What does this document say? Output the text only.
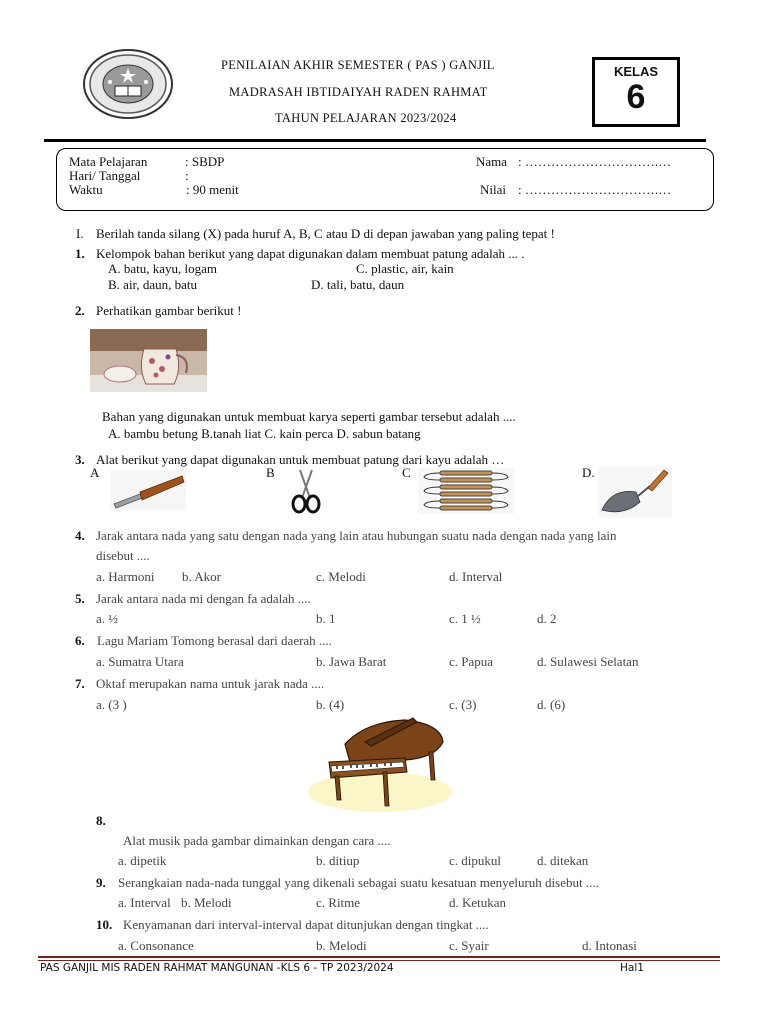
PENILAIAN AKHIR SEMESTER ( PAS ) GANJIL
MADRASAH IBTIDAIYAH RADEN RAHMAT
TAHUN PELAJARAN 2023/2024
KELAS
6
Mata Pelajaran	: SBDP
Hari/ Tanggal	:
Waktu	: 90 menit
Nama : ………………………….…
Nilai : ………………………….…
I. Berilah tanda silang (X) pada huruf A, B, C atau D di depan jawaban yang paling tepat !
1. Kelompok bahan berikut yang dapat digunakan dalam membuat patung adalah ... .
A. batu, kayu, logam	C. plastic, air, kain
B. air, daun, batu	D. tali, batu, daun
2. Perhatikan gambar berikut !
Bahan yang digunakan untuk membuat karya seperti gambar tersebut adalah ....
A. bambu betung B.tanah liat C. kain perca D. sabun batang
3. Alat berikut yang dapat digunakan untuk membuat patung dari kayu adalah …
A	B	C	D.
4. Jarak antara nada yang satu dengan nada yang lain atau hubungan suatu nada dengan nada yang lain
disebut ....
a. Harmoni b. Akor	c. Melodi	d. Interval
5. Jarak antara nada mi dengan fa adalah ....
a. ½	b. 1	c. 1 ½	d. 2
6. Lagu Mariam Tomong berasal dari daerah ....
a. Sumatra Utara	b. Jawa Barat	c. Papua	d. Sulawesi Selatan
7. Oktaf merupakan nama untuk jarak nada ....
a. (3 )	b. (4)	c. (3)	d. (6)
8.
Alat musik pada gambar dimainkan dengan cara ....
a. dipetik	b. ditiup	c. dipukul	d. ditekan
9. Serangkaian nada-nada tunggal yang dikenali sebagai suatu kesatuan menyeluruh disebut ....
a. Interval b. Melodi	c. Ritme	d. Ketukan
10. Kenyamanan dari interval-interval dapat ditunjukan dengan tingkat ....
a. Consonance	b. Melodi	c. Syair	d. Intonasi
PAS GANJIL MIS RADEN RAHMAT MANGUNAN -KLS 6 - TP 2023/2024	Hal1
